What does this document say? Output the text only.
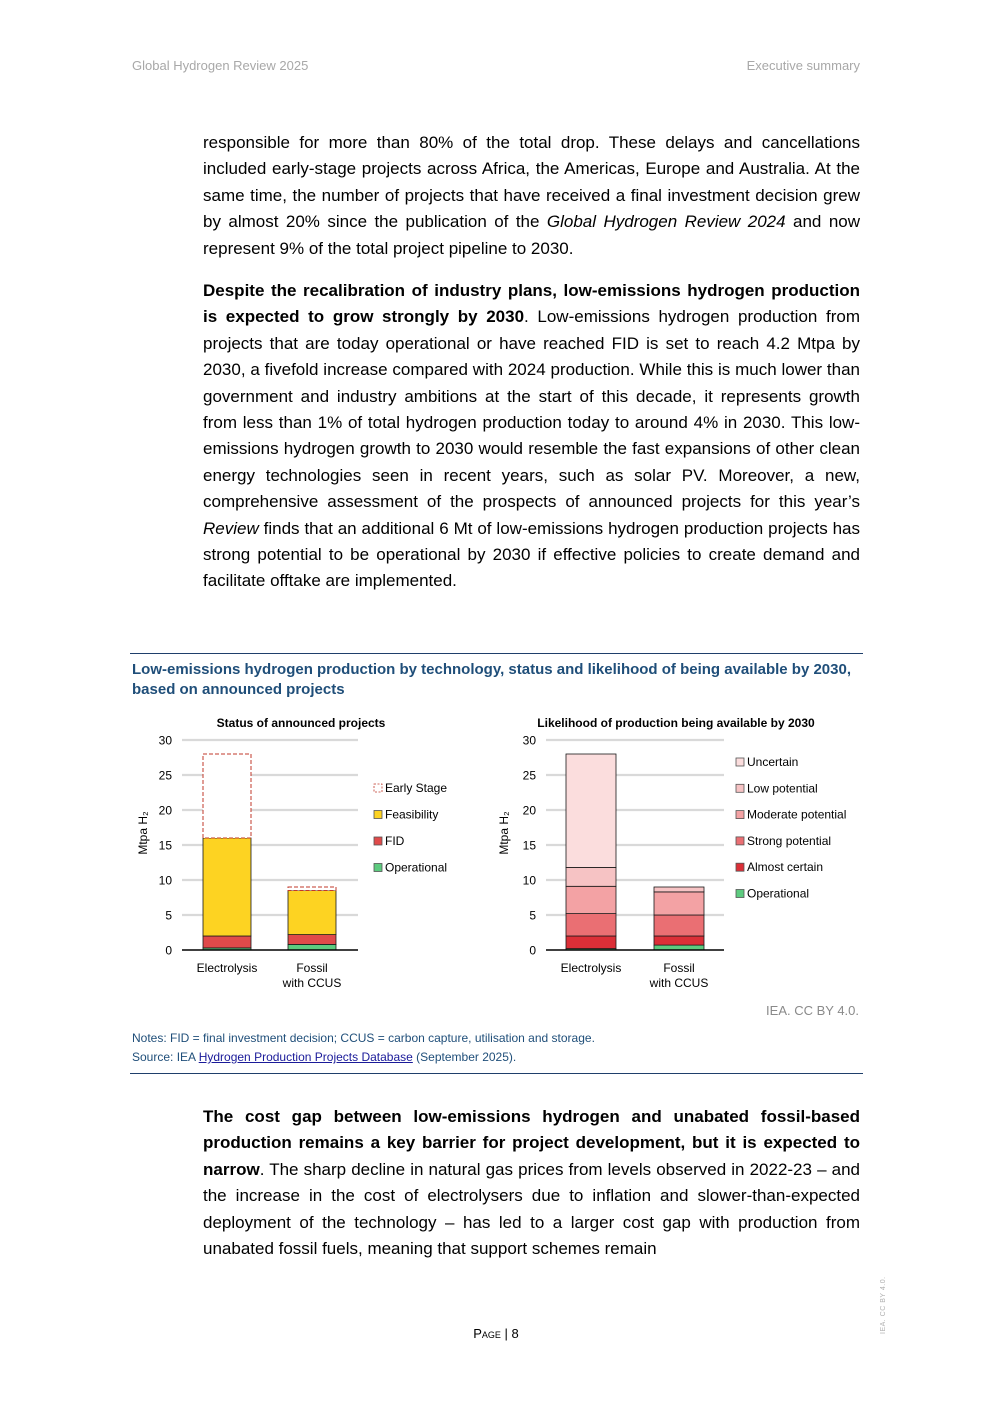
Global Hydrogen Review 2025	Executive summary

responsible for more than 80% of the total drop. These delays and cancellations included early-stage projects across Africa, the Americas, Europe and Australia. At the same time, the number of projects that have received a final investment decision grew by almost 20% since the publication of the Global Hydrogen Review 2024 and now represent 9% of the total project pipeline to 2030.

Despite the recalibration of industry plans, low-emissions hydrogen production is expected to grow strongly by 2030. Low-emissions hydrogen production from projects that are today operational or have reached FID is set to reach 4.2 Mtpa by 2030, a fivefold increase compared with 2024 production. While this is much lower than government and industry ambitions at the start of this decade, it represents growth from less than 1% of total hydrogen production today to around 4% in 2030. This low-emissions hydrogen growth to 2030 would resemble the fast expansions of other clean energy technologies seen in recent years, such as solar PV. Moreover, a new, comprehensive assessment of the prospects of announced projects for this year’s Review finds that an additional 6 Mt of low-emissions hydrogen production projects has strong potential to be operational by 2030 if effective policies to create demand and facilitate offtake are implemented.

Low-emissions hydrogen production by technology, status and likelihood of being available by 2030, based on announced projects
Status of announced projects
Mtpa H₂
0
5
10
15
20
25
30
Electrolysis	Fossil
with CCUS
Early Stage
Feasibility
FID
Operational
Likelihood of production being available by 2030
Mtpa H₂
0
5
10
15
20
25
30
Electrolysis	Fossil
with CCUS
Uncertain
Low potential
Moderate potential
Strong potential
Almost certain
Operational
IEA. CC BY 4.0.
Notes: FID = final investment decision; CCUS = carbon capture, utilisation and storage.
Source: IEA Hydrogen Production Projects Database (September 2025).

The cost gap between low-emissions hydrogen and unabated fossil-based production remains a key barrier for project development, but it is expected to narrow. The sharp decline in natural gas prices from levels observed in 2022-23 – and the increase in the cost of electrolysers due to inflation and slower-than-expected deployment of the technology – has led to a larger cost gap with production from unabated fossil fuels, meaning that support schemes remain

Page | 8	IEA. CC BY 4.0.
